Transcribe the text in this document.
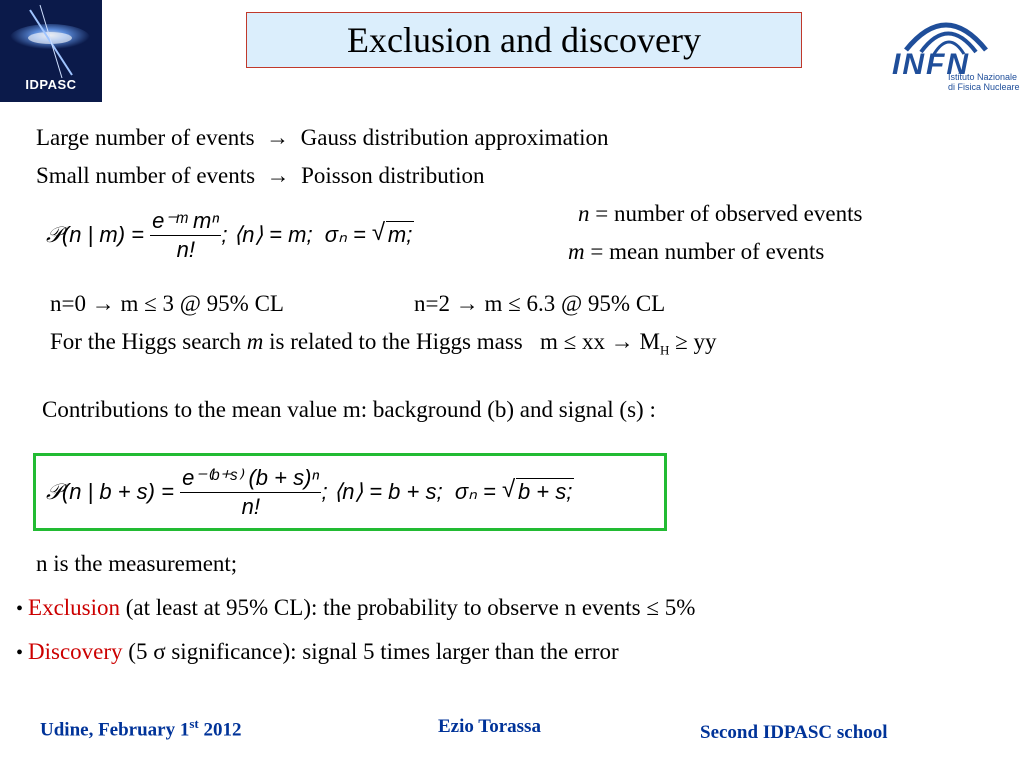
IDPASC
Exclusion and discovery
INFN
Istituto Nazionale
di Fisica Nucleare
Large number of events  →  Gauss distribution approximation
Small number of events  →  Poisson distribution
𝒫(n | m) =
$\frac{\text{e⁻ᵐ mⁿ}}{n!}$ ; ⟨n⟩ = m;
σₙ =
	√ m;
n = number of observed events
m = mean number of events
n=0 → m ≤ 3 @ 95% CL	n=2 → m ≤ 6.3 @ 95% CL
For the Higgs search m is related to the Higgs mass m ≤ xx → $M_H$ ≥ yy
Contributions to the mean value m: background (b) and signal (s) :
𝒫(n | b + s) =
$\frac{\text{e⁻⁽ᵇ⁺ˢ⁾ (b + s)ⁿ}}{n!}$ ; ⟨n⟩ = b + s;
σₙ =
	√ b + s;
n is the measurement;
• Exclusion (at least at 95% CL): the probability to observe n events ≤ 5%
• Discovery (5 σ significance): signal 5 times larger than the error
Udine, February 1st 2012	Ezio Torassa	Second IDPASC school
